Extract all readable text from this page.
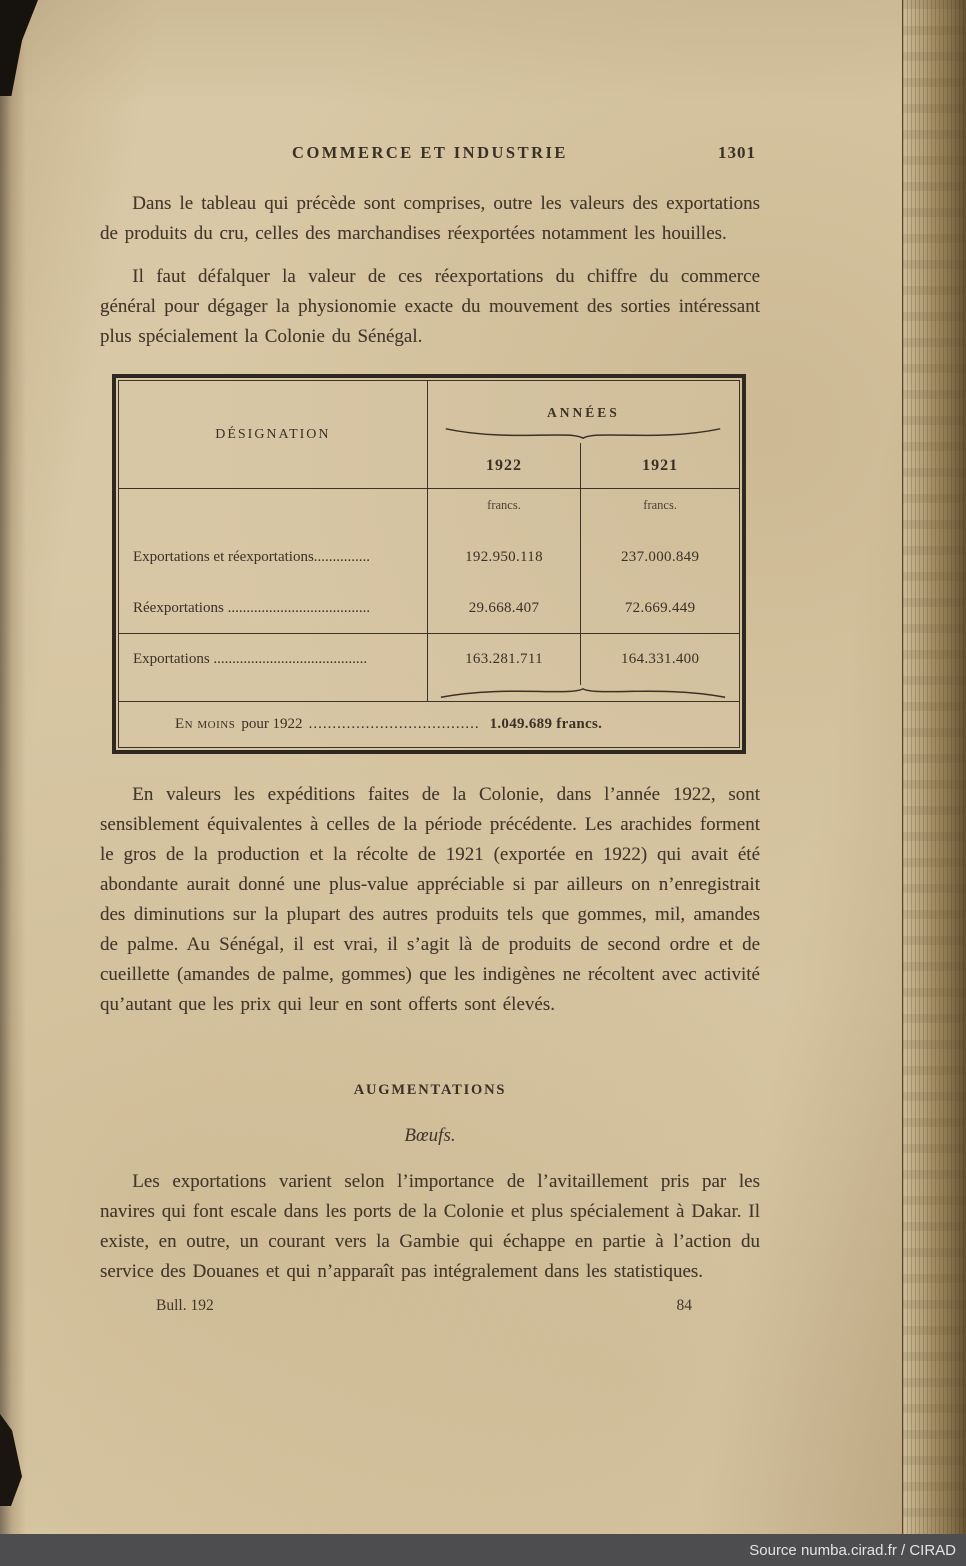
COMMERCE ET INDUSTRIE	1301

Dans le tableau qui précède sont comprises, outre les valeurs des exportations de produits du cru, celles des marchandises réexportées notamment les houilles.

Il faut défalquer la valeur de ces réexportations du chiffre du commerce général pour dégager la physionomie exacte du mouvement des sorties intéressant plus spécialement la Colonie du Sénégal.

DÉSIGNATION
ANNÉES
1922	1921
francs.	francs.
Exportations et réexportations...............	192.950.118	237.000.849
Réexportations ......................................	29.668.407	72.669.449
Exportations .........................................	163.281.711	164.331.400
En moins pour 1922 .................................... 1.049.689 francs.

En valeurs les expéditions faites de la Colonie, dans l’année 1922, sont sensiblement équivalentes à celles de la période précédente. Les arachides forment le gros de la production et la récolte de 1921 (exportée en 1922) qui avait été abondante aurait donné une plus-value appréciable si par ailleurs on n’enregistrait des diminutions sur la plupart des autres produits tels que gommes, mil, amandes de palme. Au Sénégal, il est vrai, il s’agit là de produits de second ordre et de cueillette (amandes de palme, gommes) que les indigènes ne récoltent avec activité qu’autant que les prix qui leur en sont offerts sont élevés.

AUGMENTATIONS
Bœufs.

Les exportations varient selon l’importance de l’avitaillement pris par les navires qui font escale dans les ports de la Colonie et plus spécialement à Dakar. Il existe, en outre, un courant vers la Gambie qui échappe en partie à l’action du service des Douanes et qui n’apparaît pas intégralement dans les statistiques.

Bull. 192	84
Source numba.cirad.fr / CIRAD
